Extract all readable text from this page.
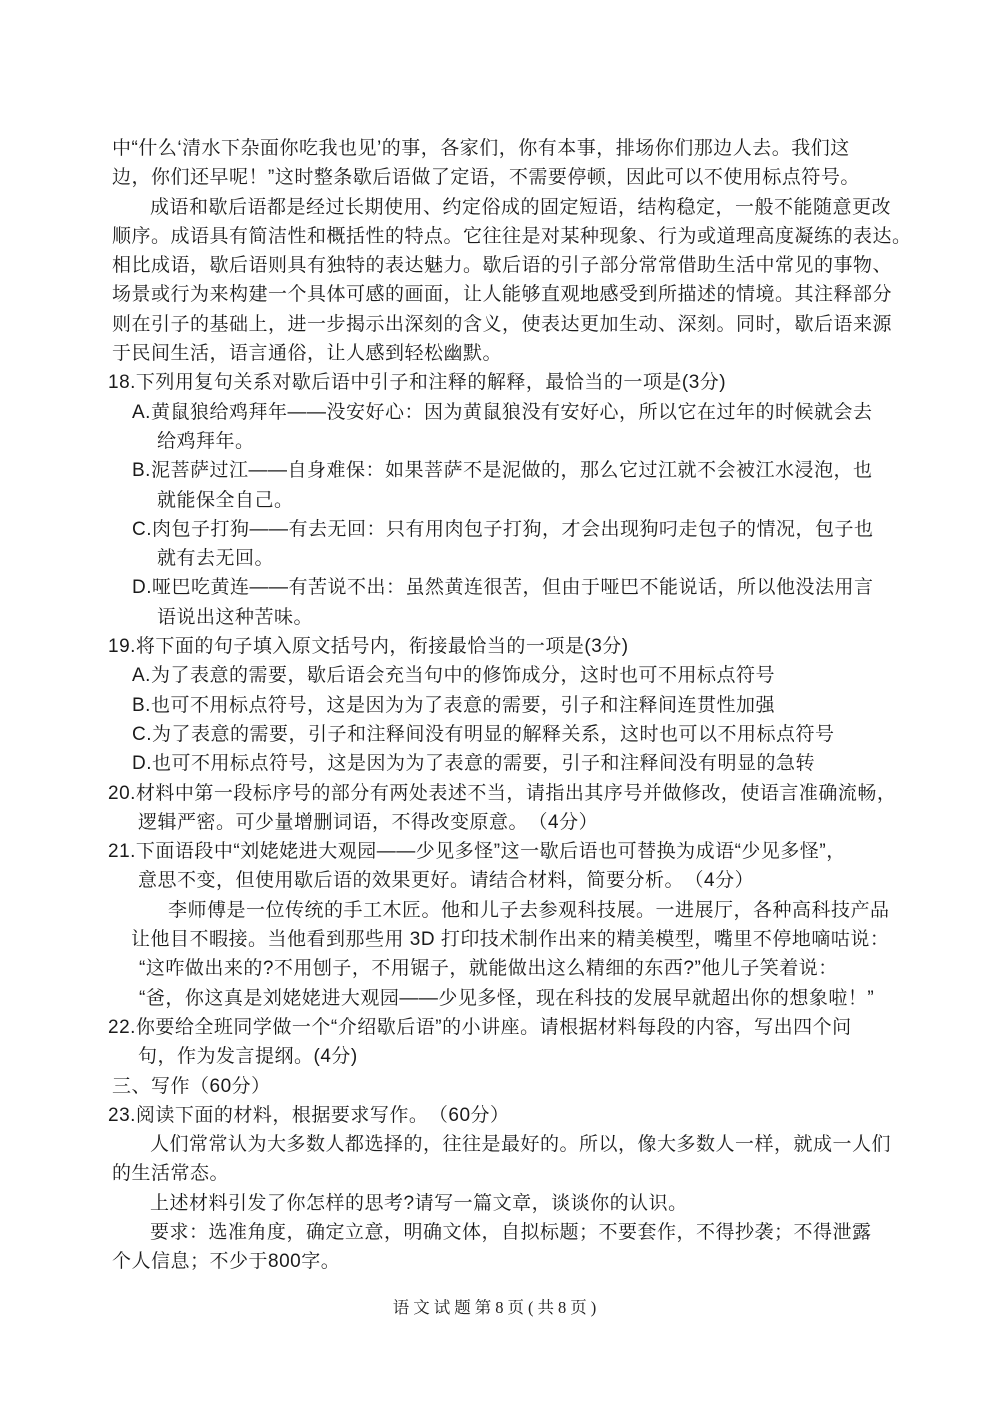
中“什么‘清水下杂面你吃我也见’的事，各家们，你有本事，排场你们那边人去。我们这
边，你们还早呢！”这时整条歇后语做了定语，不需要停顿，因此可以不使用标点符号。
成语和歇后语都是经过长期使用、约定俗成的固定短语，结构稳定，一般不能随意更改
顺序。成语具有简洁性和概括性的特点。它往往是对某种现象、行为或道理高度凝练的表达。
相比成语，歇后语则具有独特的表达魅力。歇后语的引子部分常常借助生活中常见的事物、
场景或行为来构建一个具体可感的画面，让人能够直观地感受到所描述的情境。其注释部分
则在引子的基础上，进一步揭示出深刻的含义，使表达更加生动、深刻。同时，歇后语来源
于民间生活，语言通俗，让人感到轻松幽默。
18.下列用复句关系对歇后语中引子和注释的解释，最恰当的一项是(3分)
A.黄鼠狼给鸡拜年——没安好心：因为黄鼠狼没有安好心，所以它在过年的时候就会去
给鸡拜年。
B.泥菩萨过江——自身难保：如果菩萨不是泥做的，那么它过江就不会被江水浸泡，也
就能保全自己。
C.肉包子打狗——有去无回：只有用肉包子打狗，才会出现狗叼走包子的情况，包子也
就有去无回。
D.哑巴吃黄连——有苦说不出：虽然黄连很苦，但由于哑巴不能说话，所以他没法用言
语说出这种苦味。
19.将下面的句子填入原文括号内，衔接最恰当的一项是(3分)
A.为了表意的需要，歇后语会充当句中的修饰成分，这时也可不用标点符号
B.也可不用标点符号，这是因为为了表意的需要，引子和注释间连贯性加强
C.为了表意的需要，引子和注释间没有明显的解释关系，这时也可以不用标点符号
D.也可不用标点符号，这是因为为了表意的需要，引子和注释间没有明显的急转
20.材料中第一段标序号的部分有两处表述不当，请指出其序号并做修改，使语言准确流畅，
逻辑严密。可少量增删词语，不得改变原意。　（4分）
21.下面语段中“刘姥姥进大观园——少见多怪”这一歇后语也可替换为成语“少见多怪”，
意思不变，但使用歇后语的效果更好。请结合材料，简要分析。　（4分）
李师傅是一位传统的手工木匠。他和儿子去参观科技展。一进展厅，各种高科技产品
让他目不暇接。当他看到那些用 3D 打印技术制作出来的精美模型，嘴里不停地嘀咕说：
“这咋做出来的?不用刨子，不用锯子，就能做出这么精细的东西?”他儿子笑着说：
“爸，你这真是刘姥姥进大观园——少见多怪，现在科技的发展早就超出你的想象啦！”
22.你要给全班同学做一个“介绍歇后语”的小讲座。请根据材料每段的内容，写出四个问
句，作为发言提纲。(4分)
三、写作（60分）
23.阅读下面的材料，根据要求写作。　（60分）
人们常常认为大多数人都选择的，往往是最好的。所以，像大多数人一样，就成一人们
的生活常态。
上述材料引发了你怎样的思考?请写一篇文章，谈谈你的认识。
要求：选准角度，确定立意，明确文体，自拟标题；不要套作，不得抄袭；不得泄露
个人信息；不少于800字。
语文试题第8页(共8页)
